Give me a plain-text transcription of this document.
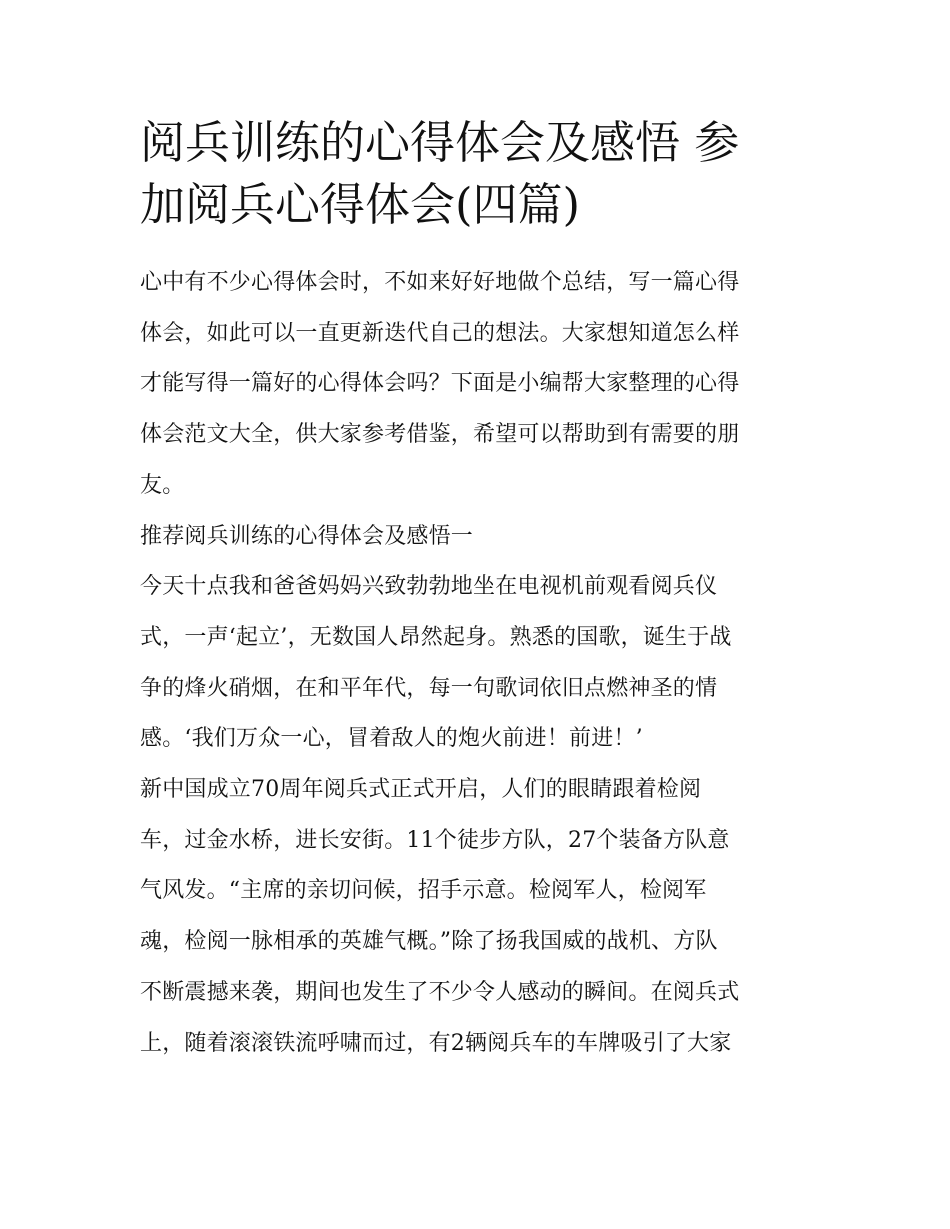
阅兵训练的心得体会及感悟 参
加阅兵心得体会(四篇)

心中有不少心得体会时，不如来好好地做个总结，写一篇心得
体会，如此可以一直更新迭代自己的想法。大家想知道怎么样
才能写得一篇好的心得体会吗？下面是小编帮大家整理的心得
体会范文大全，供大家参考借鉴，希望可以帮助到有需要的朋
友。

推荐阅兵训练的心得体会及感悟一

今天十点我和爸爸妈妈兴致勃勃地坐在电视机前观看阅兵仪
式，一声‘起立’，无数国人昂然起身。熟悉的国歌，诞生于战
争的烽火硝烟，在和平年代，每一句歌词依旧点燃神圣的情
感。‘我们万众一心，冒着敌人的炮火前进！前进！’

新中国成立70周年阅兵式正式开启，人们的眼睛跟着检阅
车，过金水桥，进长安街。11个徒步方队，27个装备方队意
气风发。“主席的亲切问候，招手示意。检阅军人，检阅军
魂，检阅一脉相承的英雄气概。”除了扬我国威的战机、方队
不断震撼来袭，期间也发生了不少令人感动的瞬间。在阅兵式
上，随着滚滚铁流呼啸而过，有2辆阅兵车的车牌吸引了大家
